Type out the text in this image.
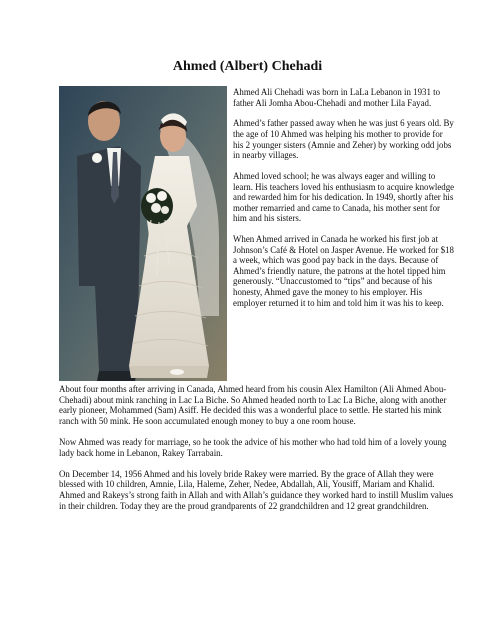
Ahmed (Albert) Chehadi

Ahmed Ali Chehadi was born in LaLa Lebanon in 1931 to father Ali Jomha Abou-Chehadi and mother Lila Fayad.

Ahmed’s father passed away when he was just 6 years old. By the age of 10 Ahmed was helping his mother to provide for his 2 younger sisters (Amnie and Zeher) by working odd jobs in nearby villages.

Ahmed loved school; he was always eager and willing to learn. His teachers loved his enthusiasm to acquire knowledge and rewarded him for his dedication. In 1949, shortly after his mother remarried and came to Canada, his mother sent for him and his sisters.

When Ahmed arrived in Canada he worked his first job at Johnson’s Café & Hotel on Jasper Avenue. He worked for $18 a week, which was good pay back in the days. Because of Ahmed’s friendly nature, the patrons at the hotel tipped him generously. “Unaccustomed to “tips” and because of his honesty, Ahmed gave the money to his employer. His employer returned it to him and told him it was his to keep.

About four months after arriving in Canada, Ahmed heard from his cousin Alex Hamilton (Ali Ahmed Abou-Chehadi) about mink ranching in Lac La Biche. So Ahmed headed north to Lac La Biche, along with another early pioneer, Mohammed (Sam) Asiff. He decided this was a wonderful place to settle. He started his mink ranch with 50 mink. He soon accumulated enough money to buy a one room house.

Now Ahmed was ready for marriage, so he took the advice of his mother who had told him of a lovely young lady back home in Lebanon, Rakey Tarrabain.

On December 14, 1956 Ahmed and his lovely bride Rakey were married. By the grace of Allah they were blessed with 10 children, Amnie, Lila, Haleme, Zeher, Nedee, Abdallah, Ali, Yousiff, Mariam and Khalid. Ahmed and Rakeys’s strong faith in Allah and with Allah’s guidance they worked hard to instill Muslim values in their children. Today they are the proud grandparents of 22 grandchildren and 12 great grandchildren.
